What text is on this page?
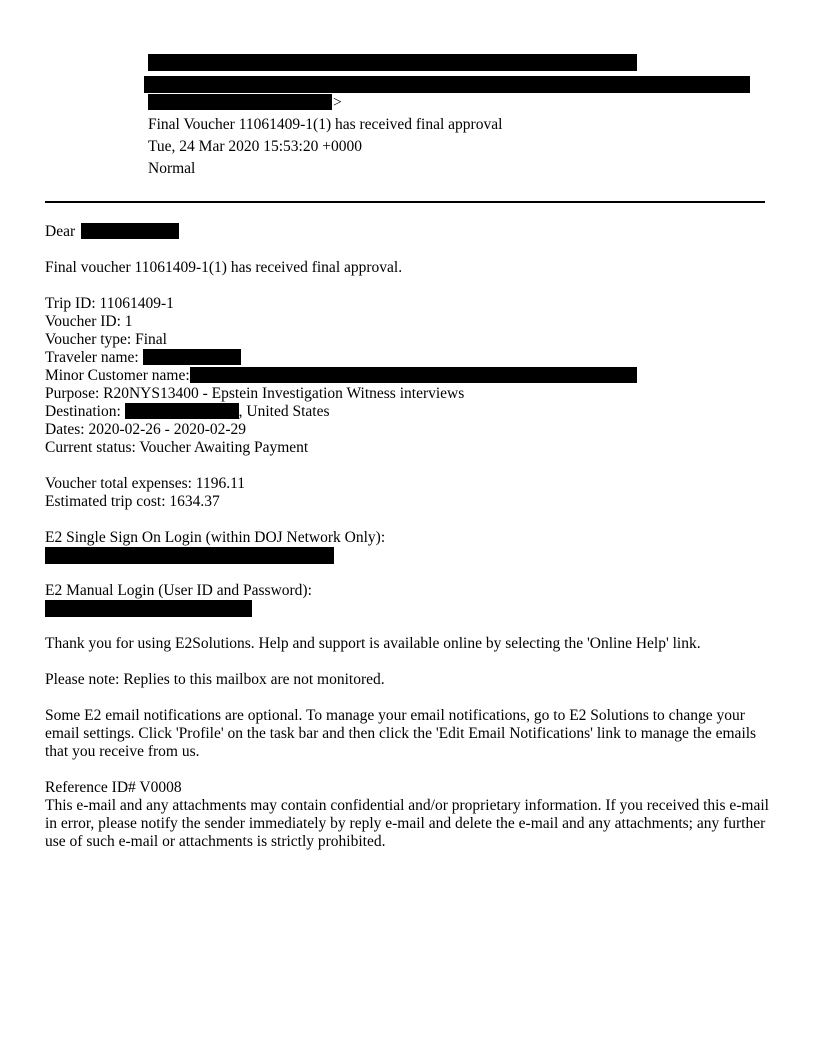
>
Final Voucher 11061409-1(1) has received final approval
Tue, 24 Mar 2020 15:53:20 +0000
Normal
Dear
Final voucher 11061409-1(1) has received final approval.
Trip ID: 11061409-1
Voucher ID: 1
Voucher type: Final
Traveler name:
Minor Customer name:
Purpose: R20NYS13400 - Epstein Investigation Witness interviews
Destination:	, United States
Dates: 2020-02-26 - 2020-02-29
Current status: Voucher Awaiting Payment
Voucher total expenses: 1196.11
Estimated trip cost: 1634.37
E2 Single Sign On Login (within DOJ Network Only):
E2 Manual Login (User ID and Password):
Thank you for using E2Solutions. Help and support is available online by selecting the 'Online Help' link.
Please note: Replies to this mailbox are not monitored.
Some E2 email notifications are optional. To manage your email notifications, go to E2 Solutions to change your email settings. Click 'Profile' on the task bar and then click the 'Edit Email Notifications' link to manage the emails that you receive from us.
Reference ID# V0008
This e-mail and any attachments may contain confidential and/or proprietary information. If you received this e-mail in error, please notify the sender immediately by reply e-mail and delete the e-mail and any attachments; any further use of such e-mail or attachments is strictly prohibited.
